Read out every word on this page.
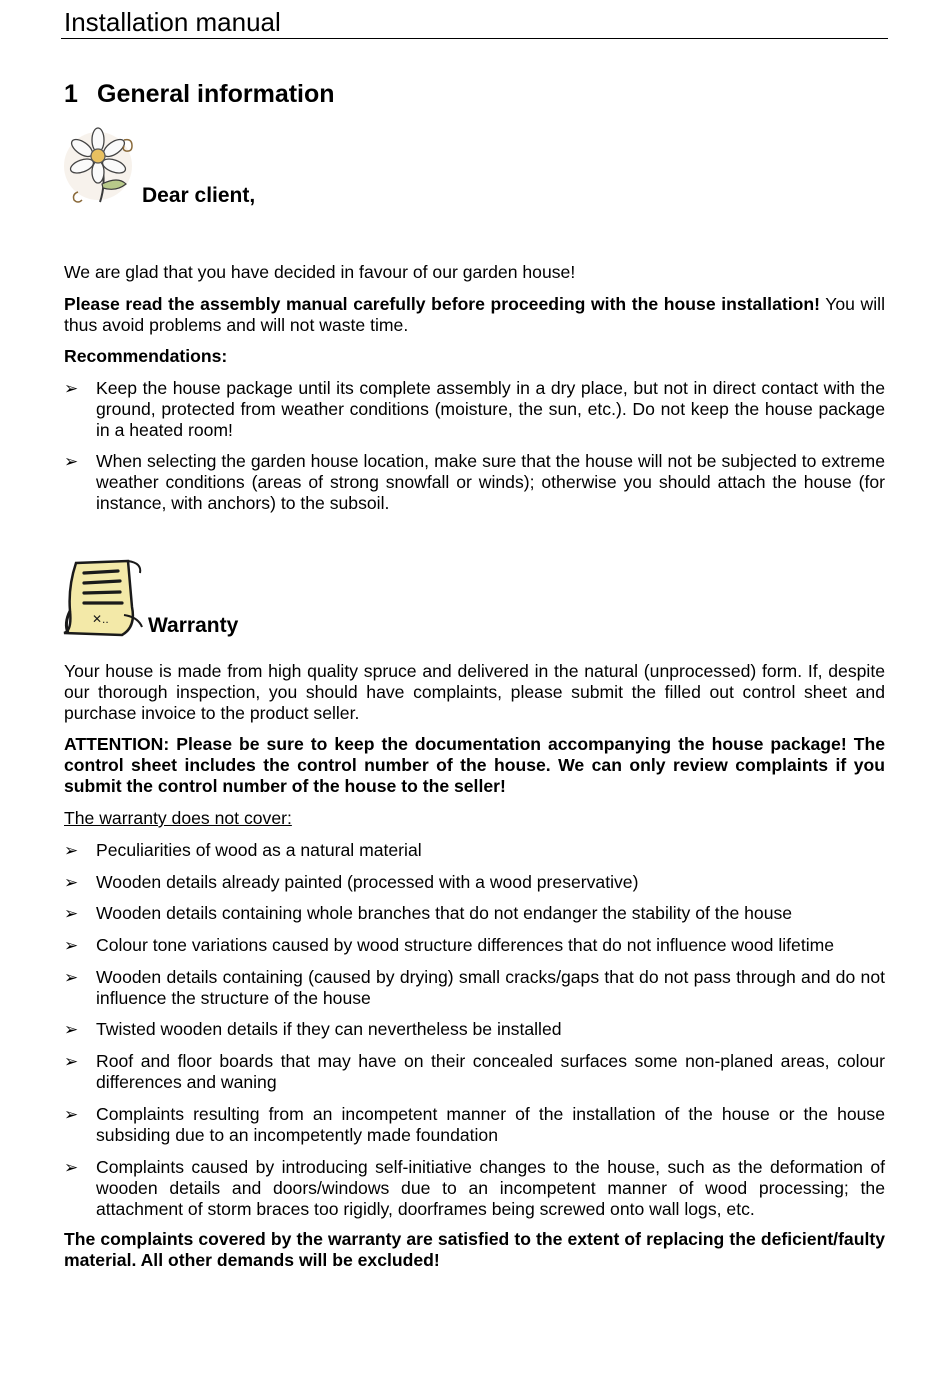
Installation manual
1 General information
Dear client,

We are glad that you have decided in favour of our garden house!

Please read the assembly manual carefully before proceeding with the house installation! You will thus avoid problems and will not waste time.

Recommendations:

➢ Keep the house package until its complete assembly in a dry place, but not in direct contact with the ground, protected from weather conditions (moisture, the sun, etc.). Do not keep the house package in a heated room!
➢ When selecting the garden house location, make sure that the house will not be subjected to extreme weather conditions (areas of strong snowfall or winds); otherwise you should attach the house (for instance, with anchors) to the subsoil.
✕.. Warranty

Your house is made from high quality spruce and delivered in the natural (unprocessed) form. If, despite our thorough inspection, you should have complaints, please submit the filled out control sheet and purchase invoice to the product seller.

ATTENTION: Please be sure to keep the documentation accompanying the house package! The control sheet includes the control number of the house. We can only review complaints if you submit the control number of the house to the seller!

The warranty does not cover:

➢ Peculiarities of wood as a natural material
➢ Wooden details already painted (processed with a wood preservative)
➢ Wooden details containing whole branches that do not endanger the stability of the house
➢ Colour tone variations caused by wood structure differences that do not influence wood lifetime
➢ Wooden details containing (caused by drying) small cracks/gaps that do not pass through and do not influence the structure of the house
➢ Twisted wooden details if they can nevertheless be installed
➢ Roof and floor boards that may have on their concealed surfaces some non-planed areas, colour differences and waning
➢ Complaints resulting from an incompetent manner of the installation of the house or the house subsiding due to an incompetently made foundation
➢ Complaints caused by introducing self-initiative changes to the house, such as the deformation of wooden details and doors/windows due to an incompetent manner of wood processing; the attachment of storm braces too rigidly, doorframes being screwed onto wall logs, etc.

The complaints covered by the warranty are satisfied to the extent of replacing the deficient/faulty material. All other demands will be excluded!
